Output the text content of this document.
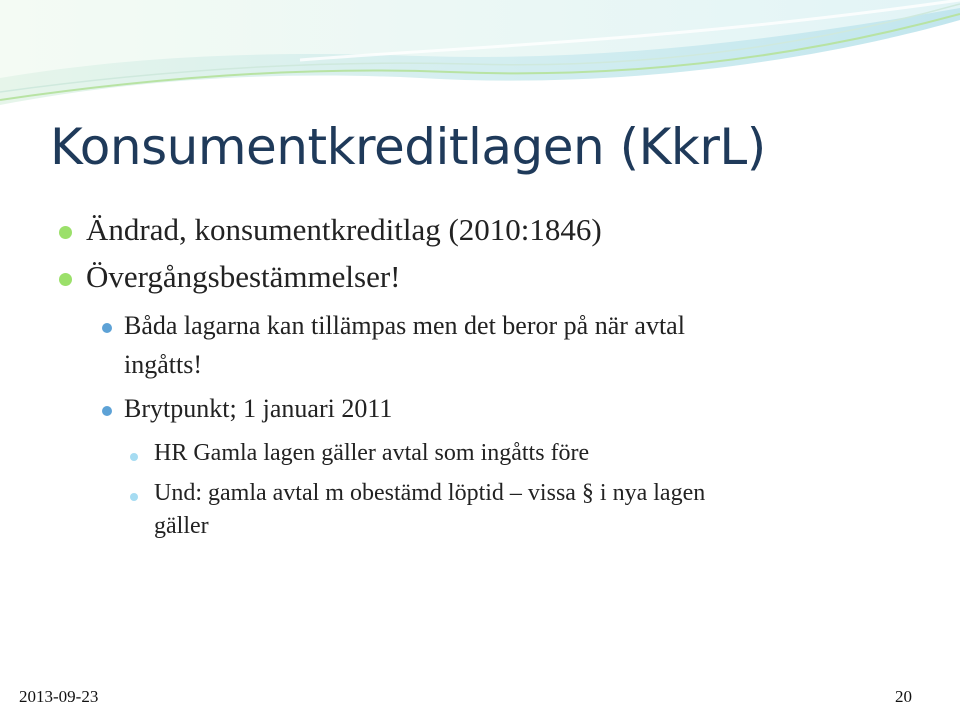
Konsumentkreditlagen (KkrL)
Ändrad, konsumentkreditlag (2010:1846)
Övergångsbestämmelser!
Båda lagarna kan tillämpas men det beror på när avtal
ingåtts!
Brytpunkt; 1 januari 2011
HR Gamla lagen gäller avtal som ingåtts före
Und: gamla avtal m obestämd löptid – vissa § i nya lagen
gäller
2013-09-23	20
